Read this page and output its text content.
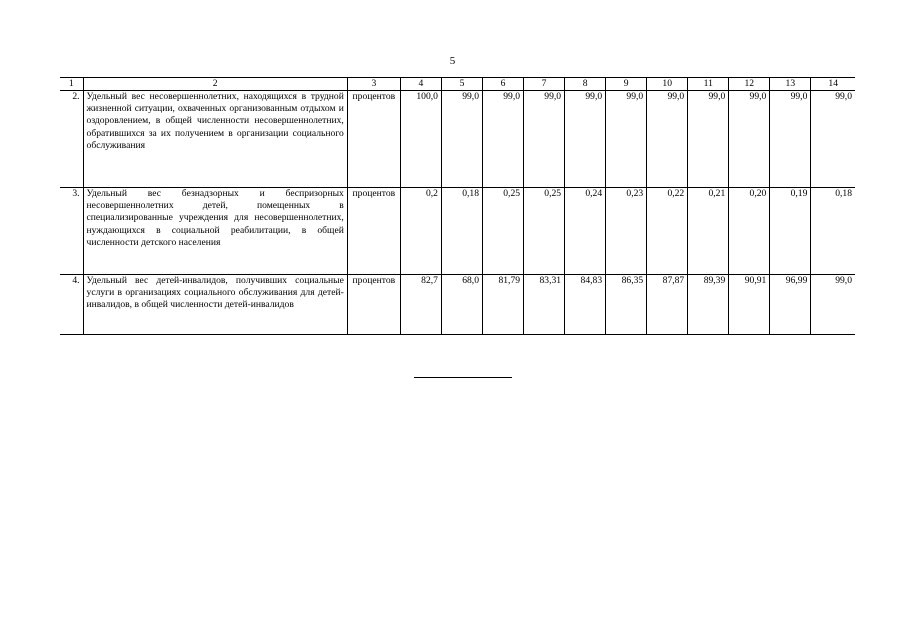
5
1	2	3	4	5	6	7	8	9	10	11	12	13	14
2.	Удельный вес несовершеннолетних, находящихся в трудной жизненной ситуации, охваченных организованным отдыхом и оздоровлением, в общей численности несовершеннолетних, обратившихся за их получением в организации социального обслуживания	процентов	100,0	99,0	99,0	99,0	99,0	99,0	99,0	99,0	99,0	99,0	99,0
3.	Удельный вес безнадзорных и беспризорных несовершеннолетних детей, помещенных в специализированные учреждения для несовершеннолетних, нуждающихся в социальной реабилитации, в общей численности детского населения	процентов	0,2	0,18	0,25	0,25	0,24	0,23	0,22	0,21	0,20	0,19	0,18
4.	Удельный вес детей-инвалидов, получивших социальные услуги в организациях социального обслуживания для детей-инвалидов, в общей численности детей-инвалидов	процентов	82,7	68,0	81,79	83,31	84,83	86,35	87,87	89,39	90,91	96,99	99,0
